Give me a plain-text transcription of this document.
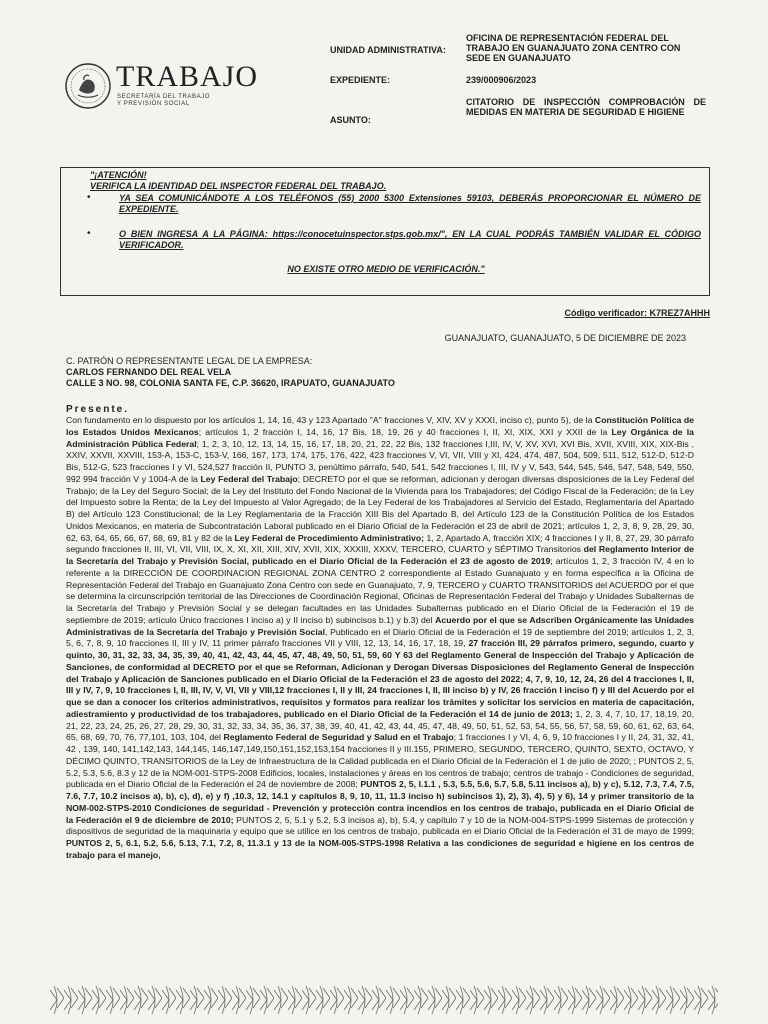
TRABAJO
SECRETARÍA DEL TRABAJO
Y PREVISIÓN SOCIAL
UNIDAD ADMINISTRATIVA:
OFICINA DE REPRESENTACIÓN FEDERAL DEL TRABAJO EN GUANAJUATO ZONA CENTRO CON SEDE EN GUANAJUATO
EXPEDIENTE:	239/000906/2023
ASUNTO:
CITATORIO DE INSPECCIÓN COMPROBACIÓN DE MEDIDAS EN MATERIA DE SEGURIDAD E HIGIENE
"¡ATENCIÓN!
VERIFICA LA IDENTIDAD DEL INSPECTOR FEDERAL DEL TRABAJO.
•	YA SEA COMUNICÁNDOTE A LOS TELÉFONOS (55) 2000 5300 Extensiones 59103, DEBERÁS PROPORCIONAR EL NÚMERO DE EXPEDIENTE.
•	O BIEN INGRESA A LA PÁGINA: https://conocetuinspector.stps.gob.mx/", EN LA CUAL PODRÁS TAMBIÉN VALIDAR EL CÓDIGO VERIFICADOR.
NO EXISTE OTRO MEDIO DE VERIFICACIÓN."
Código verificador: K7REZ7AHHH
GUANAJUATO, GUANAJUATO, 5 DE DICIEMBRE DE 2023
C. PATRÓN O REPRESENTANTE LEGAL DE LA EMPRESA:
CARLOS FERNANDO DEL REAL VELA
CALLE 3 NO. 98, COLONIA SANTA FE, C.P. 36620, IRAPUATO, GUANAJUATO
Presente.
Con fundamento en lo dispuesto por los artículos 1, 14, 16, 43 y 123 Apartado "A" fracciones V, XIV, XV y XXXI, inciso c), punto 5), de la Constitución Política de los Estados Unidos Mexicanos; artículos 1, 2 fracción I, 14, 16, 17 Bis, 18, 19, 26 y 40 fracciones I, II, XI, XIX, XXI y XXII de la Ley Orgánica de la Administración Pública Federal; 1, 2, 3, 10, 12, 13, 14, 15, 16, 17, 18, 20, 21, 22, 22 Bis, 132 fracciones I,III, IV, V, XV, XVI, XVI Bis, XVII, XVIII, XIX, XIX-Bis , XXIV, XXVII, XXVIII, 153-A, 153-C, 153-V, 166, 167, 173, 174, 175, 176, 422, 423 fracciones V, VI, VII, VIII y XI, 424, 474, 487, 504, 509, 511, 512, 512-D, 512-D Bis, 512-G, 523 fracciones I y VI, 524,527 fracción II, PUNTO 3, penúltimo párrafo, 540, 541, 542 fracciones I, III, IV y V, 543, 544, 545, 546, 547, 548, 549, 550, 992 994 fracción V y 1004-A de la Ley Federal del Trabajo; DECRETO por el que se reforman, adicionan y derogan diversas disposiciones de la Ley Federal del Trabajo; de la Ley del Seguro Social; de la Ley del Instituto del Fondo Nacional de la Vivienda para los Trabajadores; del Código Fiscal de la Federación; de la Ley del Impuesto sobre la Renta; de la Ley del Impuesto al Valor Agregado; de la Ley Federal de los Trabajadores al Servicio del Estado, Reglamentaria del Apartado B) del Artículo 123 Constitucional; de la Ley Reglamentaria de la Fracción XIII Bis del Apartado B, del Artículo 123 de la Constitución Política de los Estados Unidos Mexicanos, en materia de Subcontratación Laboral publicado en el Diario Oficial de la Federación el 23 de abril de 2021; artículos 1, 2, 3, 8, 9, 28, 29, 30, 62, 63, 64, 65, 66, 67, 68, 69, 81 y 82 de la Ley Federal de Procedimiento Administrativo; 1, 2, Apartado A, fracción XIX; 4 fracciones I y II, 8, 27, 29, 30 párrafo segundo fracciones II, III, VI, VII, VIII, IX, X, XI, XII, XIII, XIV, XVII, XIX, XXXIII, XXXV, TERCERO, CUARTO y SÉPTIMO Transitorios del Reglamento Interior de la Secretaría del Trabajo y Previsión Social, publicado en el Diario Oficial de la Federación el 23 de agosto de 2019; artículos 1, 2, 3 fracción IV, 4 en lo referente a la DIRECCIÓN DE COORDINACION REGIONAL ZONA CENTRO 2 correspondiente al Estado Guanajuato y en forma específica a la Oficina de Representación Federal del Trabajo en Guanajuato Zona Centro con sede en Guanajuato, 7, 9, TERCERO y CUARTO TRANSITORIOS del ACUERDO por el que se determina la circunscripción territorial de las Direcciones de Coordinación Regional, Oficinas de Representación Federal del Trabajo y Unidades Subalternas de la Secretaría del Trabajo y Previsión Social y se delegan facultades en las Unidades Subalternas publicado en el Diario Oficial de la Federación el 19 de septiembre de 2019; artículo Único fracciones I inciso a) y II inciso b) subincisos b.1) y b.3) del Acuerdo por el que se Adscriben Orgánicamente las Unidades Administrativas de la Secretaría del Trabajo y Previsión Social, Publicado en el Diario Oficial de la Federación el 19 de septiembre del 2019; artículos 1, 2, 3, 5, 6, 7, 8, 9, 10 fracciones II, III y IV, 11 primer párrafo fracciones VII y VIII, 12, 13, 14, 16, 17, 18, 19, 27 fracción III, 29 párrafos primero, segundo, cuarto y quinto, 30, 31, 32, 33, 34, 35, 39, 40, 41, 42, 43, 44, 45, 47, 48, 49, 50, 51, 59, 60 Y 63 del Reglamento General de Inspección del Trabajo y Aplicación de Sanciones, de conformidad al DECRETO por el que se Reforman, Adicionan y Derogan Diversas Disposiciones del Reglamento General de Inspección del Trabajo y Aplicación de Sanciones publicado en el Diario Oficial de la Federación el 23 de agosto del 2022; 4, 7, 9, 10, 12, 24, 26 del 4 fracciones I, II, III y IV, 7, 9, 10 fracciones I, II, III, IV, V, VI, VII y VIII,12 fracciones I, II y III, 24 fracciones I, II, III inciso b) y IV, 26 fracción I inciso f) y III del Acuerdo por el que se dan a conocer los criterios administrativos, requisitos y formatos para realizar los trámites y solicitar los servicios en materia de capacitación, adiestramiento y productividad de los trabajadores, publicado en el Diario Oficial de la Federación el 14 de junio de 2013; 1, 2, 3, 4, 7, 10, 17, 18,19, 20, 21, 22, 23, 24, 25, 26, 27, 28, 29, 30, 31, 32, 33, 34, 35, 36, 37, 38, 39, 40, 41, 42, 43, 44, 45, 47, 48, 49, 50, 51, 52, 53, 54, 55, 56, 57, 58, 59, 60, 61, 62, 63, 64, 65, 68, 69, 70, 76, 77,101, 103, 104, del Reglamento Federal de Seguridad y Salud en el Trabajo; 1 fracciones I y VI, 4, 6, 9, 10 fracciones I y II, 24, 31, 32, 41, 42 , 139, 140, 141,142,143, 144,145, 146,147,149,150,151,152,153,154 fracciones II y III.155, PRIMERO, SEGUNDO, TERCERO, QUINTO, SEXTO, OCTAVO, Y DÉCIMO QUINTO, TRANSITORIOS de la Ley de Infraestructura de la Calidad publicada en el Diario Oficial de la Federación el 1 de julio de 2020; ; PUNTOS 2, 5, 5.2, 5.3, 5.6, 8.3 y 12 de la NOM-001-STPS-2008 Edificios, locales, instalaciones y áreas en los centros de trabajo; centros de trabajo - Condiciones de seguridad, publicada en el Diario Oficial de la Federación el 24 de noviembre de 2008; PUNTOS 2, 5, I.1.1 , 5.3, 5.5, 5.6, 5.7, 5.8, 5.11 incisos a), b) y c), 5.12, 7.3, 7.4, 7.5, 7.6, 7.7, 10.2 incisos a), b), c), d), e) y f) ,10.3, 12, 14.1 y capítulos 8, 9, 10, 11, 11.3 inciso h) subincisos 1), 2), 3), 4), 5) y 6), 14 y primer transitorio de la NOM-002-STPS-2010 Condiciones de seguridad - Prevención y protección contra incendios en los centros de trabajo, publicada en el Diario Oficial de la Federación el 9 de diciembre de 2010; PUNTOS 2, 5, 5.1 y 5.2, 5.3 incisos a), b), 5.4, y capítulo 7 y 10 de la NOM-004-STPS-1999 Sistemas de protección y dispositivos de seguridad de la maquinaria y equipo que se utilice en los centros de trabajo, publicada en el Diario Oficial de la Federación el 31 de mayo de 1999; PUNTOS 2, 5, 6.1, 5.2, 5.6, 5.13, 7.1, 7.2, 8, 11.3.1 y 13 de la NOM-005-STPS-1998 Relativa a las condiciones de seguridad e higiene en los centros de trabajo para el manejo,
